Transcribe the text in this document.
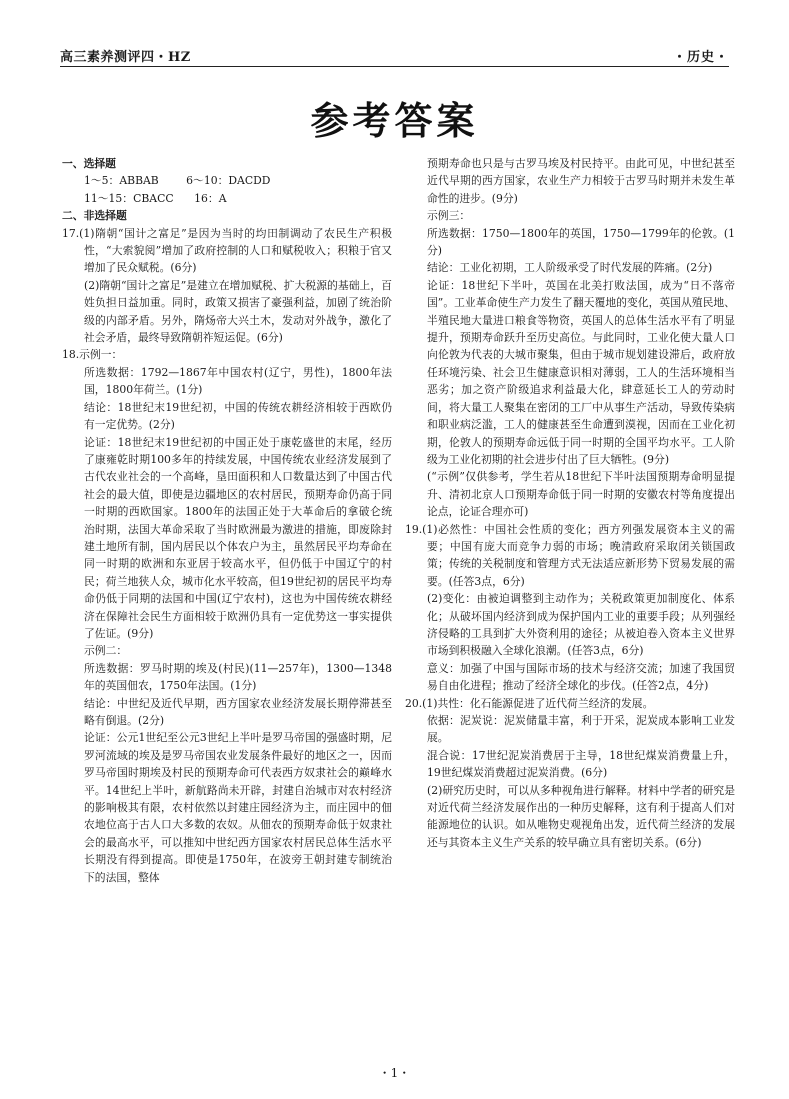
高三素养测评四・HZ	・历史・
参考答案

一、选择题

1～5：ABBAB        6～10：DACDD

11～15：CBACC      16：A

二、非选择题

17.(1)隋朝“国计之富足”是因为当时的均田制调动了农民生产积极性，“大索貌阅”增加了政府控制的人口和赋税收入；积粮于官又增加了民众赋税。(6分)

(2)隋朝“国计之富足”是建立在增加赋税、扩大税源的基础上，百姓负担日益加重。同时，政策又损害了豪强利益，加剧了统治阶级的内部矛盾。另外，隋炀帝大兴土木，发动对外战争，激化了社会矛盾，最终导致隋朝祚短运促。(6分)

18.示例一：

所选数据：1792—1867年中国农村(辽宁，男性)，1800年法国，1800年荷兰。(1分)

结论：18世纪末19世纪初，中国的传统农耕经济相较于西欧仍有一定优势。(2分)

论证：18世纪末19世纪初的中国正处于康乾盛世的末尾，经历了康雍乾时期100多年的持续发展，中国传统农业经济发展到了古代农业社会的一个高峰，垦田面积和人口数量达到了中国古代社会的最大值，即使是边疆地区的农村居民，预期寿命仍高于同一时期的西欧国家。1800年的法国正处于大革命后的拿破仑统治时期，法国大革命采取了当时欧洲最为激进的措施，即废除封建土地所有制，国内居民以个体农户为主，虽然居民平均寿命在同一时期的欧洲和东亚居于较高水平，但仍低于中国辽宁的村民；荷兰地狭人众，城市化水平较高，但19世纪初的居民平均寿命仍低于同期的法国和中国(辽宁农村)，这也为中国传统农耕经济在保障社会民生方面相较于欧洲仍具有一定优势这一事实提供了佐证。(9分)

示例二：

所选数据：罗马时期的埃及(村民)(11—257年)，1300—1348年的英国佃农，1750年法国。(1分)

结论：中世纪及近代早期，西方国家农业经济发展长期停滞甚至略有倒退。(2分)

论证：公元1世纪至公元3世纪上半叶是罗马帝国的强盛时期，尼罗河流域的埃及是罗马帝国农业发展条件最好的地区之一，因而罗马帝国时期埃及村民的预期寿命可代表西方奴隶社会的巅峰水平。14世纪上半叶，新航路尚未开辟，封建自治城市对农村经济的影响极其有限，农村依然以封建庄园经济为主，而庄园中的佃农地位高于古人口大多数的农奴。从佃农的预期寿命低于奴隶社会的最高水平，可以推知中世纪西方国家农村居民总体生活水平长期没有得到提高。即使是1750年，在波旁王朝封建专制统治下的法国，整体

预期寿命也只是与古罗马埃及村民持平。由此可见，中世纪甚至近代早期的西方国家，农业生产力相较于古罗马时期并未发生革命性的进步。(9分)

示例三：

所选数据：1750—1800年的英国，1750—1799年的伦敦。(1分)

结论：工业化初期，工人阶级承受了时代发展的阵痛。(2分)

论证：18世纪下半叶，英国在北美打败法国，成为“日不落帝国”。工业革命使生产力发生了翻天覆地的变化，英国从殖民地、半殖民地大量进口粮食等物资，英国人的总体生活水平有了明显提升，预期寿命跃升至历史高位。与此同时，工业化使大量人口向伦敦为代表的大城市聚集，但由于城市规划建设滞后，政府放任环境污染、社会卫生健康意识相对薄弱，工人的生活环境相当恶劣；加之资产阶级追求利益最大化，肆意延长工人的劳动时间，将大量工人聚集在密闭的工厂中从事生产活动，导致传染病和职业病泛滥，工人的健康甚至生命遭到漠视，因而在工业化初期，伦敦人的预期寿命远低于同一时期的全国平均水平。工人阶级为工业化初期的社会进步付出了巨大牺牲。(9分)

(“示例”仅供参考，学生若从18世纪下半叶法国预期寿命明显提升、清初北京人口预期寿命低于同一时期的安徽农村等角度提出论点，论证合理亦可)

19.(1)必然性：中国社会性质的变化；西方列强发展资本主义的需要；中国有庞大而竞争力弱的市场；晚清政府采取闭关锁国政策；传统的关税制度和管理方式无法适应新形势下贸易发展的需要。(任答3点，6分)

(2)变化：由被迫调整到主动作为；关税政策更加制度化、体系化；从破坏国内经济到成为保护国内工业的重要手段；从列强经济侵略的工具到扩大外资利用的途径；从被迫卷入资本主义世界市场到积极融入全球化浪潮。(任答3点，6分)

意义：加强了中国与国际市场的技术与经济交流；加速了我国贸易自由化进程；推动了经济全球化的步伐。(任答2点，4分)

20.(1)共性：化石能源促进了近代荷兰经济的发展。

依据：泥炭说：泥炭储量丰富，利于开采，泥炭成本影响工业发展。

混合说：17世纪泥炭消费居于主导，18世纪煤炭消费量上升，19世纪煤炭消费超过泥炭消费。(6分)

(2)研究历史时，可以从多种视角进行解释。材料中学者的研究是对近代荷兰经济发展作出的一种历史解释，这有利于提高人们对能源地位的认识。如从唯物史观视角出发，近代荷兰经济的发展还与其资本主义生产关系的较早确立具有密切关系。(6分)

・1・
